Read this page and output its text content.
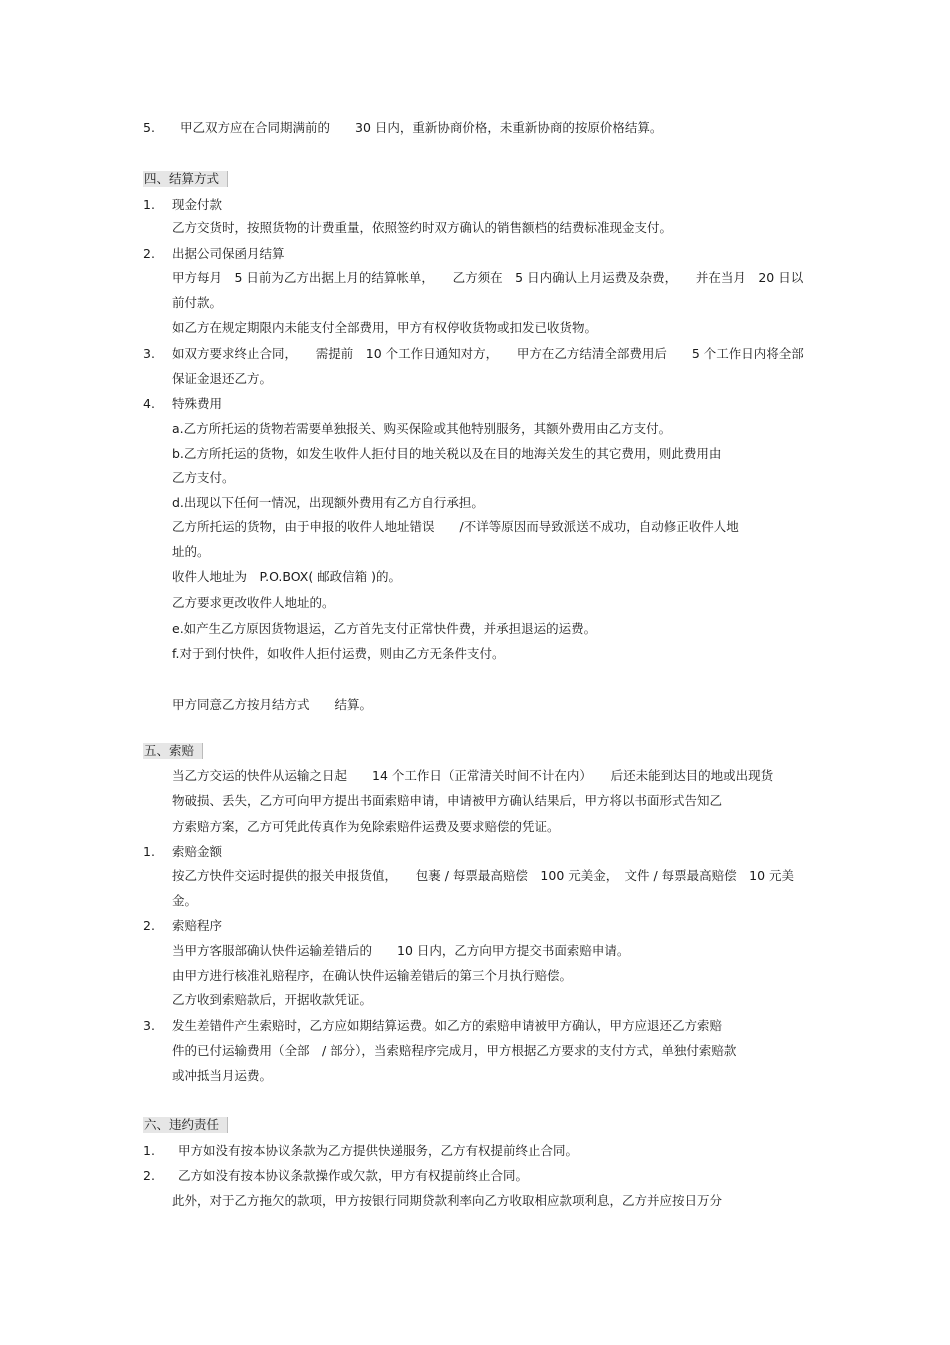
5. 甲乙双方应在合同期满前的　　30 日内，重新协商价格，未重新协商的按原价格结算。
四、结算方式
1. 现金付款
乙方交货时，按照货物的计费重量，依照签约时双方确认的销售额档的结费标准现金支付。
2. 出据公司保函月结算
甲方每月　5 日前为乙方出据上月的结算帐单，　　乙方须在　5 日内确认上月运费及杂费，　　并在当月　20 日以
前付款。
如乙方在规定期限内未能支付全部费用，甲方有权停收货物或扣发已收货物。
3. 如双方要求终止合同，　　需提前　10 个工作日通知对方，　　甲方在乙方结清全部费用后　　5 个工作日内将全部
保证金退还乙方。
4. 特殊费用
a.乙方所托运的货物若需要单独报关、购买保险或其他特别服务，其额外费用由乙方支付。
b.乙方所托运的货物，如发生收件人拒付目的地关税以及在目的地海关发生的其它费用，则此费用由
乙方支付。
d.出现以下任何一情况，出现额外费用有乙方自行承担。
乙方所托运的货物，由于申报的收件人地址错误　　/不详等原因而导致派送不成功，自动修正收件人地
址的。
收件人地址为　P.O.BOX( 邮政信箱 )的。
乙方要求更改收件人地址的。
e.如产生乙方原因货物退运，乙方首先支付正常快件费，并承担退运的运费。
f.对于到付快件，如收件人拒付运费，则由乙方无条件支付。
甲方同意乙方按月结方式　　结算。
五、索赔
当乙方交运的快件从运输之日起　　14 个工作日（正常清关时间不计在内）　　后还未能到达目的地或出现货
物破损、丢失，乙方可向甲方提出书面索赔申请，申请被甲方确认结果后，甲方将以书面形式告知乙
方索赔方案，乙方可凭此传真作为免除索赔件运费及要求赔偿的凭证。
1. 索赔金额
按乙方快件交运时提供的报关申报货值，　　包裹 / 每票最高赔偿　100 元美金，　文件 / 每票最高赔偿　10 元美
金。
2. 索赔程序
当甲方客服部确认快件运输差错后的　　10 日内，乙方向甲方提交书面索赔申请。
由甲方进行核准礼赔程序，在确认快件运输差错后的第三个月执行赔偿。
乙方收到索赔款后，开据收款凭证。
3. 发生差错件产生索赔时，乙方应如期结算运费。如乙方的索赔申请被甲方确认，甲方应退还乙方索赔
件的已付运输费用（全部　/ 部分），当索赔程序完成月，甲方根据乙方要求的支付方式，单独付索赔款
或冲抵当月运费。
六、违约责任
1. 甲方如没有按本协议条款为乙方提供快递服务，乙方有权提前终止合同。
2. 乙方如没有按本协议条款操作或欠款，甲方有权提前终止合同。
此外，对于乙方拖欠的款项，甲方按银行同期贷款利率向乙方收取相应款项利息，乙方并应按日万分
